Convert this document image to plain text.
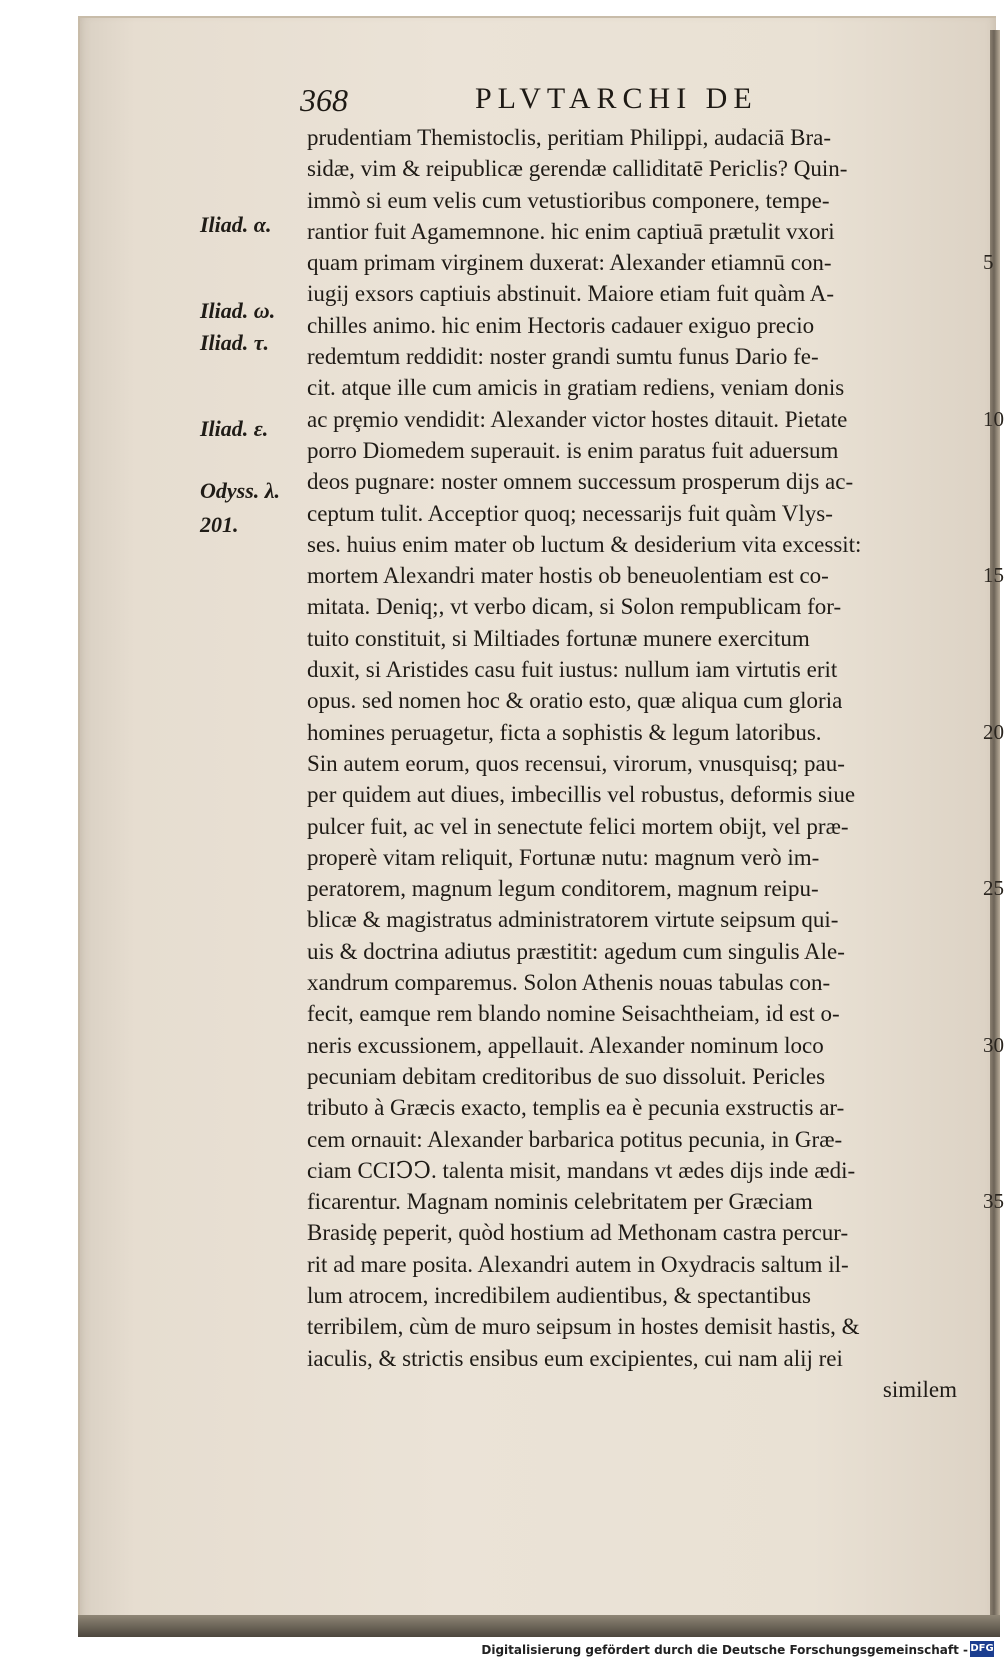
368	PLVTARCHI DE
Iliad. α.
Iliad. ω.
Iliad. τ.
Iliad. ε.
Odyss. λ.
201.
prudentiam Themistoclis, peritiam Philippi, audaciā Bra-
sidæ, vim & reipublicæ gerendæ calliditatē Periclis? Quin-
immò si eum velis cum vetustioribus componere, tempe-
rantior fuit Agamemnone. hic enim captiuā prætulit vxori
quam primam virginem duxerat: Alexander etiamnū con-	5
iugij exsors captiuis abstinuit. Maiore etiam fuit quàm A-
chilles animo. hic enim Hectoris cadauer exiguo precio
redemtum reddidit: noster grandi sumtu funus Dario fe-
cit. atque ille cum amicis in gratiam rediens, veniam donis
ac prȩmio vendidit: Alexander victor hostes ditauit. Pietate	10
porro Diomedem superauit. is enim paratus fuit aduersum
deos pugnare: noster omnem successum prosperum dijs ac-
ceptum tulit. Acceptior quoq; necessarijs fuit quàm Vlys-
ses. huius enim mater ob luctum & desiderium vita excessit:
mortem Alexandri mater hostis ob beneuolentiam est co-	15
mitata. Deniq;, vt verbo dicam, si Solon rempublicam for-
tuito constituit, si Miltiades fortunæ munere exercitum
duxit, si Aristides casu fuit iustus: nullum iam virtutis erit
opus. sed nomen hoc & oratio esto, quæ aliqua cum gloria
homines peruagetur, ficta a sophistis & legum latoribus.	20
Sin autem eorum, quos recensui, virorum, vnusquisq; pau-
per quidem aut diues, imbecillis vel robustus, deformis siue
pulcer fuit, ac vel in senectute felici mortem obijt, vel præ-
properè vitam reliquit, Fortunæ nutu: magnum verò im-
peratorem, magnum legum conditorem, magnum reipu-	25
blicæ & magistratus administratorem virtute seipsum qui-
uis & doctrina adiutus præstitit: agedum cum singulis Ale-
xandrum comparemus. Solon Athenis nouas tabulas con-
fecit, eamque rem blando nomine Seisachtheiam, id est o-
neris excussionem, appellauit. Alexander nominum loco	30
pecuniam debitam creditoribus de suo dissoluit. Pericles
tributo à Græcis exacto, templis ea è pecunia exstructis ar-
cem ornauit: Alexander barbarica potitus pecunia, in Græ-
ciam CCIↃↃ. talenta misit, mandans vt ædes dijs inde ædi-
ficarentur. Magnam nominis celebritatem per Græciam	35
Brasidȩ peperit, quòd hostium ad Methonam castra percur-
rit ad mare posita. Alexandri autem in Oxydracis saltum il-
lum atrocem, incredibilem audientibus, & spectantibus
terribilem, cùm de muro seipsum in hostes demisit hastis, &
iaculis, & strictis ensibus eum excipientes, cui nam alij rei
similem
Digitalisierung gefördert durch die Deutsche Forschungsgemeinschaft - DFG
